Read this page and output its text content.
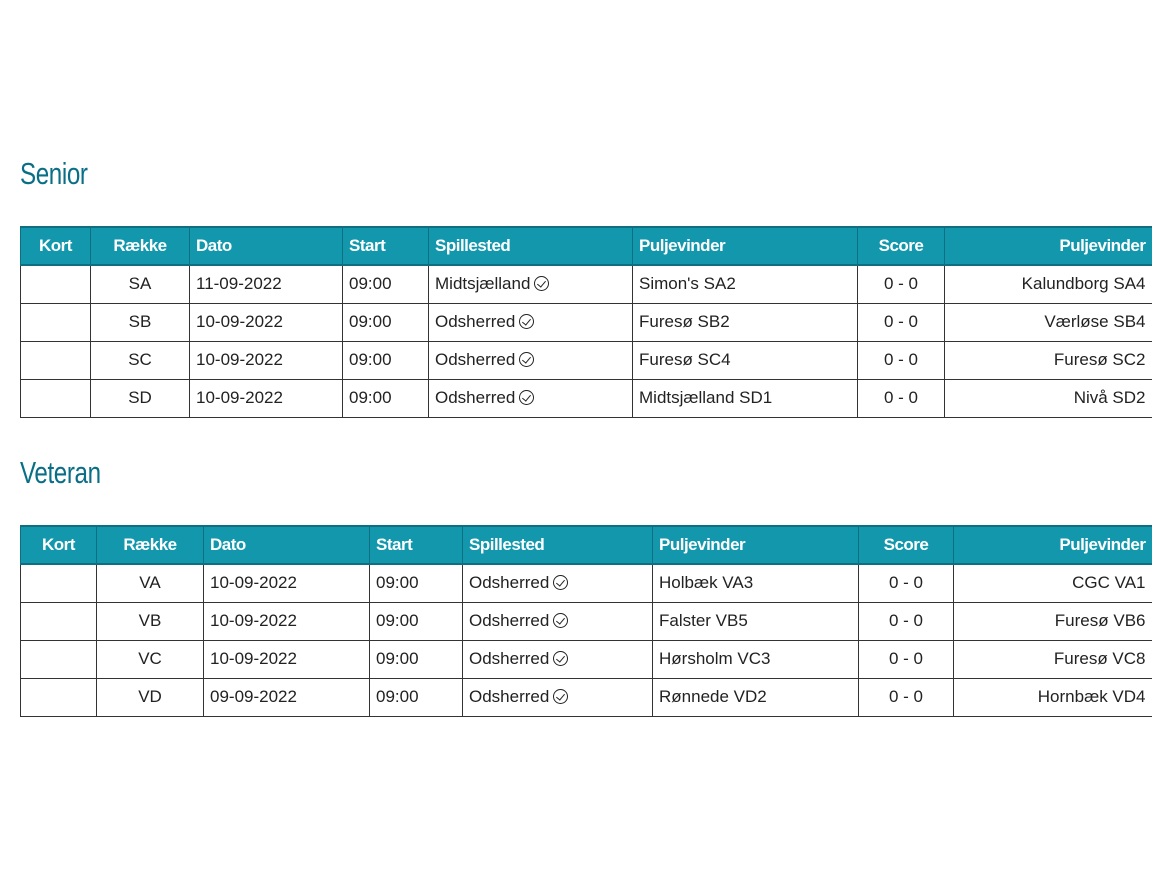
Senior
Kort	Række	Dato	Start	Spillested	Puljevinder	Score	Puljevinder
	SA	11-09-2022	09:00	Midtsjælland	Simon's SA2	0 - 0	Kalundborg SA4
	SB	10-09-2022	09:00	Odsherred	Furesø SB2	0 - 0	Værløse SB4
	SC	10-09-2022	09:00	Odsherred	Furesø SC4	0 - 0	Furesø SC2
	SD	10-09-2022	09:00	Odsherred	Midtsjælland SD1	0 - 0	Nivå SD2
Veteran
Kort	Række	Dato	Start	Spillested	Puljevinder	Score	Puljevinder
	VA	10-09-2022	09:00	Odsherred	Holbæk VA3	0 - 0	CGC VA1
	VB	10-09-2022	09:00	Odsherred	Falster VB5	0 - 0	Furesø VB6
	VC	10-09-2022	09:00	Odsherred	Hørsholm VC3	0 - 0	Furesø VC8
	VD	09-09-2022	09:00	Odsherred	Rønnede VD2	0 - 0	Hornbæk VD4
